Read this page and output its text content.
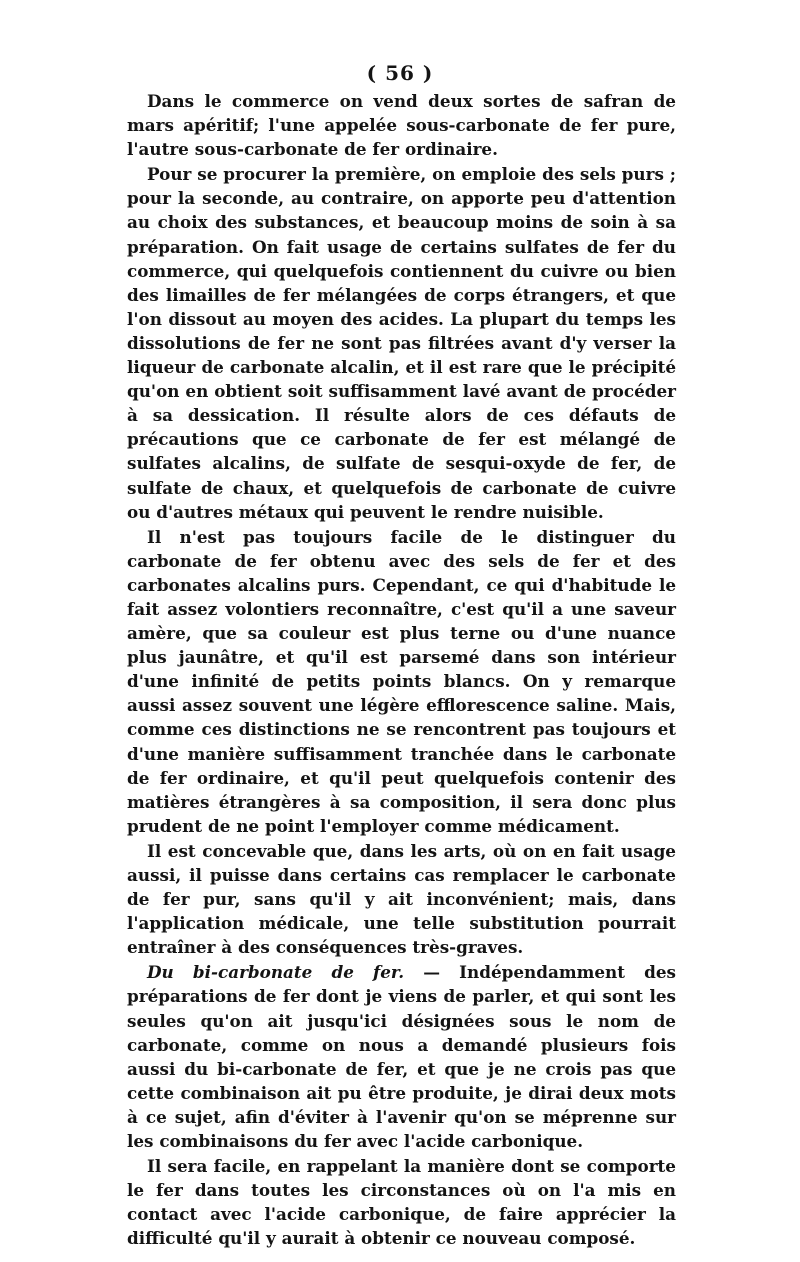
( 56 )

Dans le commerce on vend deux sortes de safran de mars apéritif; l'une appelée sous-carbonate de fer pure, l'autre sous-carbonate de fer ordinaire.

Pour se procurer la première, on emploie des sels purs ; pour la seconde, au contraire, on apporte peu d'attention au choix des substances, et beaucoup moins de soin à sa préparation. On fait usage de certains sulfates de fer du commerce, qui quelquefois contiennent du cuivre ou bien des limailles de fer mélangées de corps étrangers, et que l'on dissout au moyen des acides. La plupart du temps les dissolutions de fer ne sont pas filtrées avant d'y verser la liqueur de carbonate alcalin, et il est rare que le précipité qu'on en obtient soit suffisamment lavé avant de procéder à sa dessication. Il résulte alors de ces défauts de précautions que ce carbonate de fer est mélangé de sulfates alcalins, de sulfate de sesqui-oxyde de fer, de sulfate de chaux, et quelquefois de carbonate de cuivre ou d'autres métaux qui peuvent le rendre nuisible.

Il n'est pas toujours facile de le distinguer du carbonate de fer obtenu avec des sels de fer et des carbonates alcalins purs. Cependant, ce qui d'habitude le fait assez volontiers reconnaître, c'est qu'il a une saveur amère, que sa couleur est plus terne ou d'une nuance plus jaunâtre, et qu'il est parsemé dans son intérieur d'une infinité de petits points blancs. On y remarque aussi assez souvent une légère efflorescence saline. Mais, comme ces distinctions ne se rencontrent pas toujours et d'une manière suffisamment tranchée dans le carbonate de fer ordinaire, et qu'il peut quelquefois contenir des matières étrangères à sa composition, il sera donc plus prudent de ne point l'employer comme médicament.

Il est concevable que, dans les arts, où on en fait usage aussi, il puisse dans certains cas remplacer le carbonate de fer pur, sans qu'il y ait inconvénient; mais, dans l'application médicale, une telle substitution pourrait entraîner à des conséquences très-graves.

Du bi-carbonate de fer. — Indépendamment des préparations de fer dont je viens de parler, et qui sont les seules qu'on ait jusqu'ici désignées sous le nom de carbonate, comme on nous a demandé plusieurs fois aussi du bi-carbonate de fer, et que je ne crois pas que cette combinaison ait pu être produite, je dirai deux mots à ce sujet, afin d'éviter à l'avenir qu'on se méprenne sur les combinaisons du fer avec l'acide carbonique.

Il sera facile, en rappelant la manière dont se comporte le fer dans toutes les circonstances où on l'a mis en contact avec l'acide carbonique, de faire apprécier la difficulté qu'il y aurait à obtenir ce nouveau composé.
